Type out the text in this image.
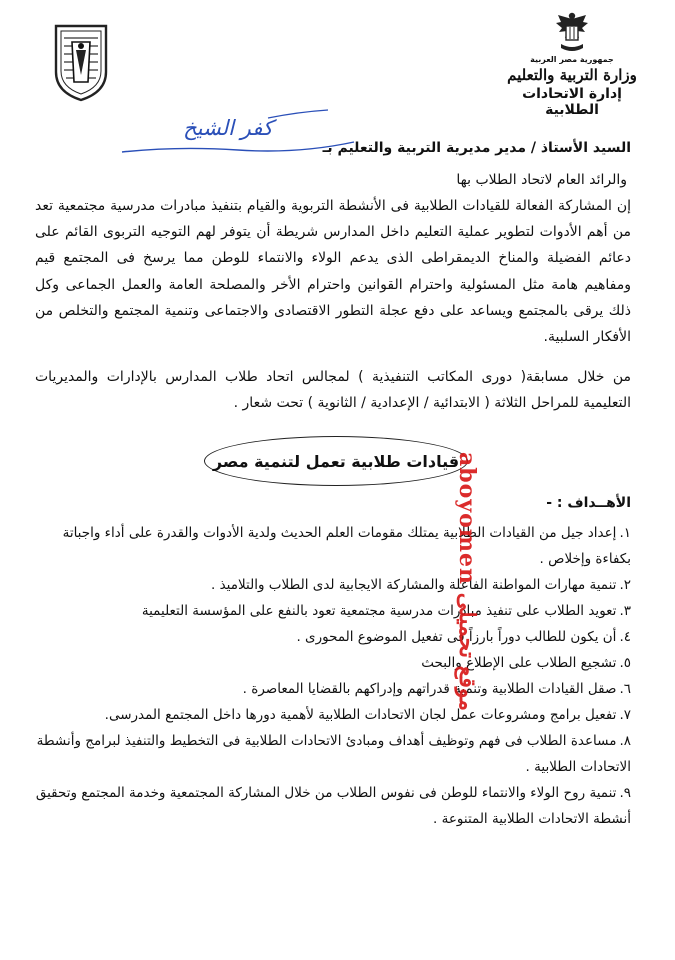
جمهورية مصر العربية
وزارة التربية والتعليم
إدارة الاتحادات الطلابية
كفر الشيخ
السيد الأستاذ / مدير مديرية التربية والتعليم بـ
والرائد العام لاتحاد الطلاب بها
إن المشاركة الفعالة للقيادات الطلابية فى الأنشطة التربوية والقيام بتنفيذ مبادرات مدرسية مجتمعية تعد من أهم الأدوات لتطوير عملية التعليم داخل المدارس شريطة أن يتوفر لهم التوجيه التربوى القائم على دعائم الفضيلة والمناخ الديمقراطى الذى يدعم الولاء والانتماء للوطن مما يرسخ فى المجتمع قيم ومفاهيم هامة مثل المسئولية واحترام القوانين واحترام الأخر والمصلحة العامة والعمل الجماعى وكل ذلك يرقى بالمجتمع ويساعد على دفع عجلة التطور الاقتصادى والاجتماعى وتنمية المجتمع والتخلص من الأفكار السلبية.
من خلال مسابقة( دورى المكاتب التنفيذية ) لمجالس اتحاد طلاب المدارس بالإدارات والمديريات التعليمية للمراحل الثلاثة ( الابتدائية / الإعدادية / الثانوية ) تحت شعار .
قيادات طلابية تعمل لتنمية مصر
الأهــداف : -
١.إعداد جيل من القيادات الطلابية يمتلك مقومات العلم الحديث ولدية الأدوات والقدرة على أداء واجباتة بكفاءة وإخلاص .
٢.تنمية مهارات المواطنة الفاعلة والمشاركة الايجابية لدى الطلاب والتلاميذ .
٣.تعويد الطلاب على تنفيذ مبادرات مدرسية مجتمعية تعود بالنفع على المؤسسة التعليمية
٤.أن يكون للطالب دوراً بارزاً فى تفعيل الموضوع المحورى .
٥.تشجيع الطلاب على الإطلاع والبحث
٦.صقل القيادات الطلابية وتنمية قدراتهم وإدراكهم بالقضايا المعاصرة .
٧.تفعيل برامج ومشروعات عمل لجان الاتحادات الطلابية لأهمية دورها داخل المجتمع المدرسى.
٨.مساعدة الطلاب فى فهم وتوظيف أهداف ومبادئ الاتحادات الطلابية فى التخطيط والتنفيذ لبرامج وأنشطة الاتحادات الطلابية .
٩.تنمية روح الولاء والانتماء للوطن فى نفوس الطلاب من خلال المشاركة المجتمعية وخدمة المجتمع وتحقيق أنشطة الاتحادات الطلابية المتنوعة .
موقع تحميلى aboyomen
